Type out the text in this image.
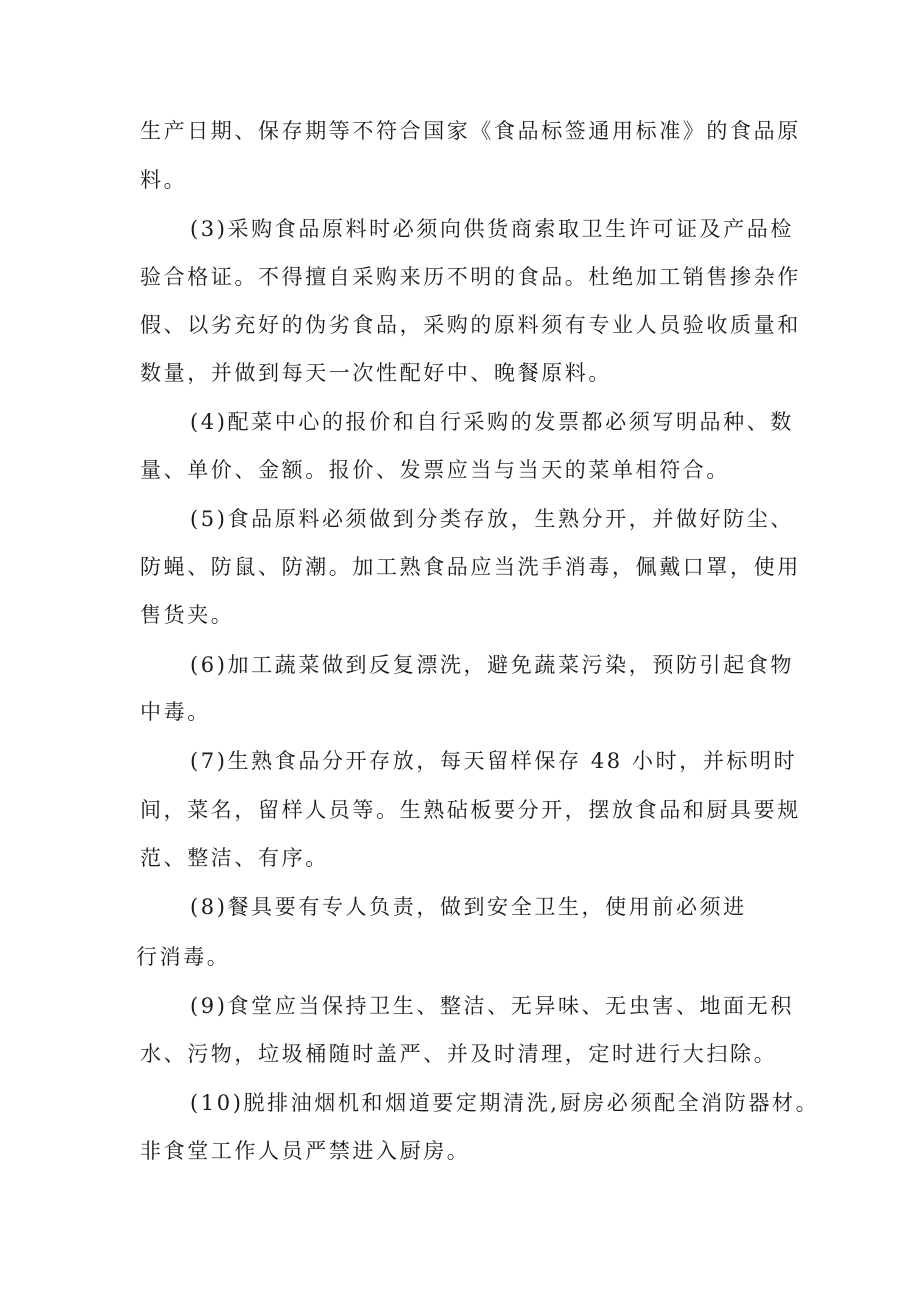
生产日期、保存期等不符合国家《食品标签通用标准》的食品原
料。
(3)采购食品原料时必须向供货商索取卫生许可证及产品检
验合格证。不得擅自采购来历不明的食品。杜绝加工销售掺杂作
假、以劣充好的伪劣食品，采购的原料须有专业人员验收质量和
数量，并做到每天一次性配好中、晚餐原料。
(4)配菜中心的报价和自行采购的发票都必须写明品种、数
量、单价、金额。报价、发票应当与当天的菜单相符合。
(5)食品原料必须做到分类存放，生熟分开，并做好防尘、
防蝇、防鼠、防潮。加工熟食品应当洗手消毒，佩戴口罩，使用
售货夹。
(6)加工蔬菜做到反复漂洗，避免蔬菜污染，预防引起食物
中毒。
(7)生熟食品分开存放，每天留样保存 48 小时，并标明时
间，菜名，留样人员等。生熟砧板要分开，摆放食品和厨具要规
范、整洁、有序。
(8)餐具要有专人负责，做到安全卫生，使用前必须进
行消毒。
(9)食堂应当保持卫生、整洁、无异味、无虫害、地面无积
水、污物，垃圾桶随时盖严、并及时清理，定时进行大扫除。
(10)脱排油烟机和烟道要定期清洗,厨房必须配全消防器材。
非食堂工作人员严禁进入厨房。
